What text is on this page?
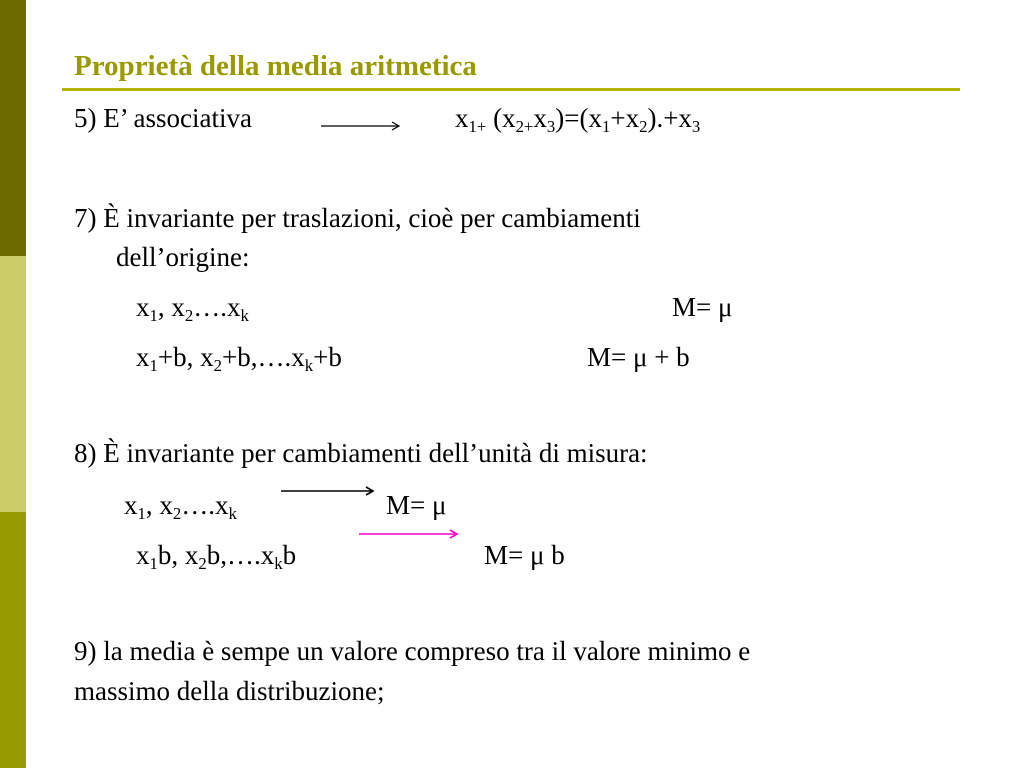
Proprietà della media aritmetica
5) E’ associativa	$x_{1+}$ $(x_{2+}x_3)=(x_1+x_2).+x_3$
7) È invariante per traslazioni, cioè per cambiamenti
dell’origine:
$x_1$, $x_2\dots.x_k$	M= μ
$x_1+b$, $x_2+b,\dots.x_k+b$	M= μ + b
8) È invariante per cambiamenti dell’unità di misura:
$x_1$, $x_2\dots.x_k$	M= μ
$x_1b$, $x_2b,\dots.x_kb$	M= μ b
9) la media è sempe un valore compreso tra il valore minimo e
massimo della distribuzione;
